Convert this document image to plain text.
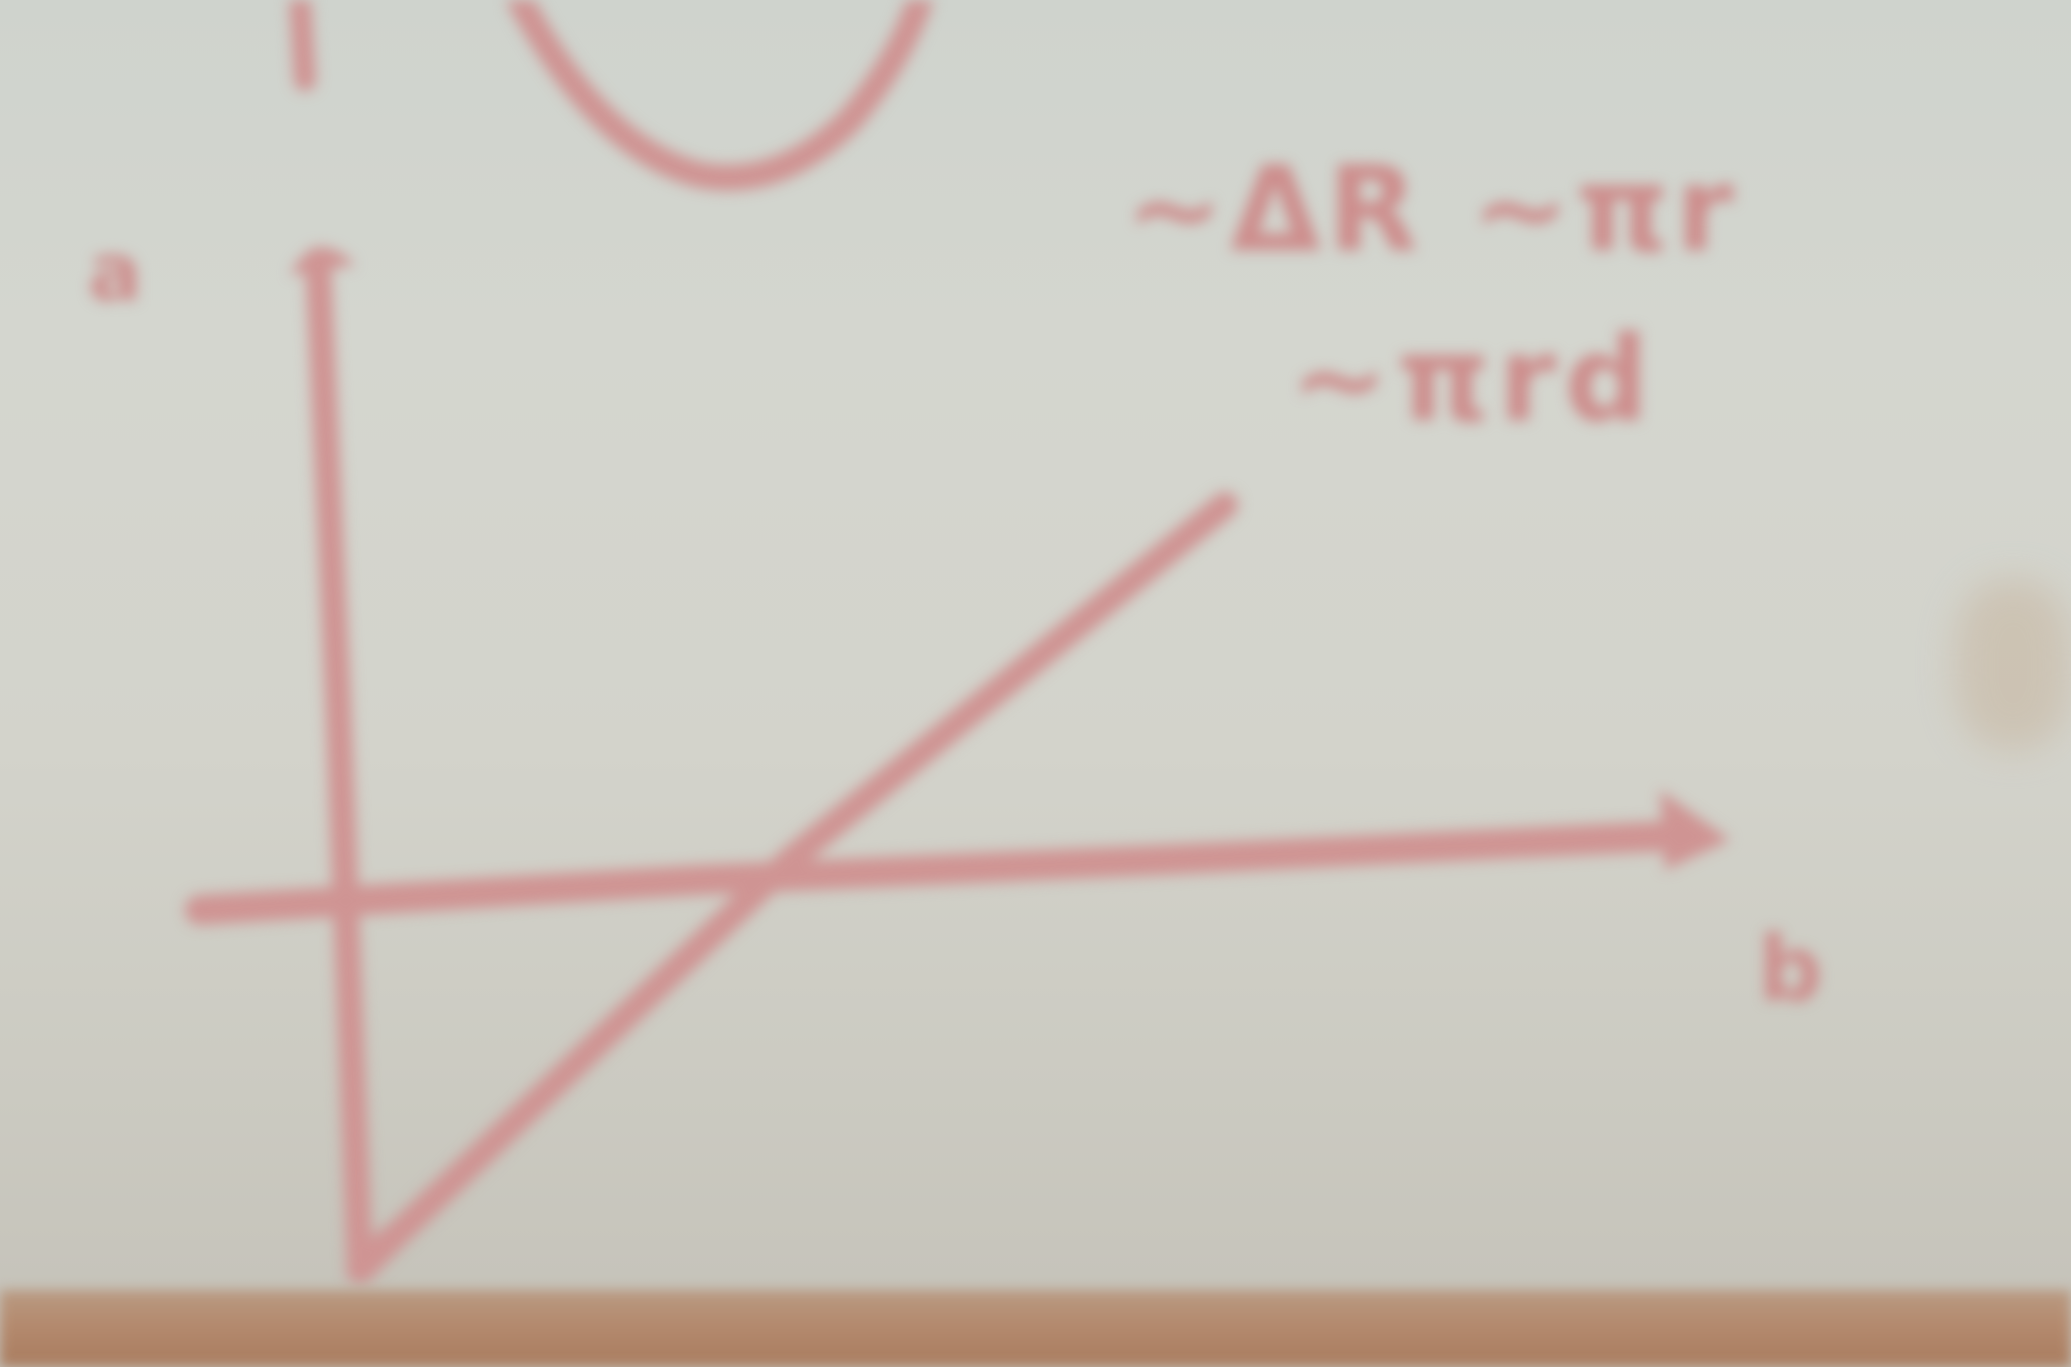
a
b
~ΔR ~πr
~πrd
